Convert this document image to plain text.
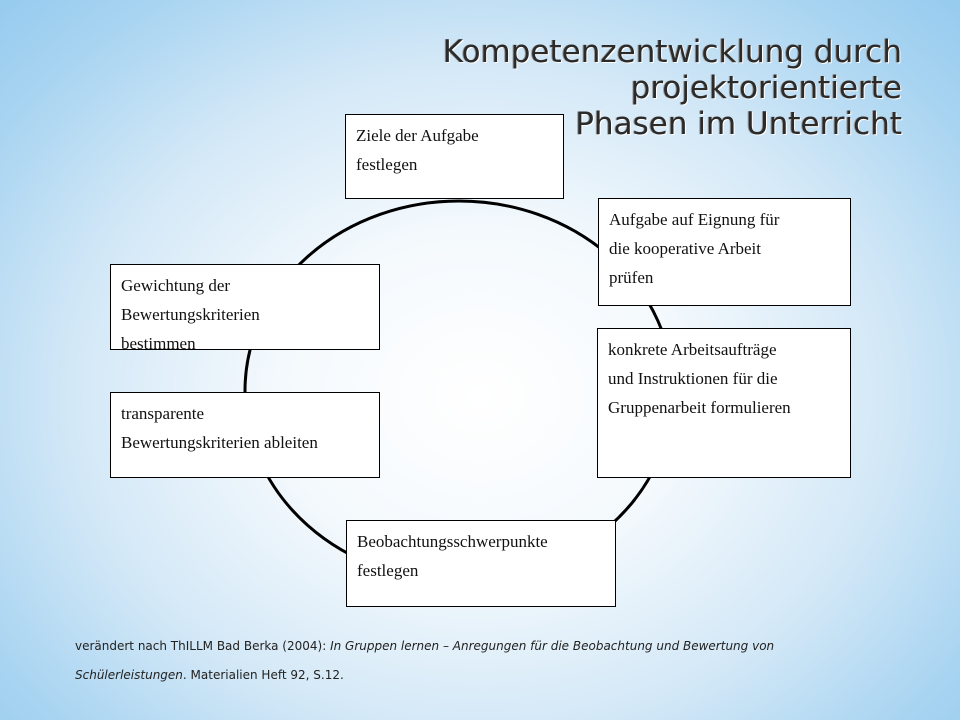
Kompetenzentwicklung durch projektorientierte
Phasen im Unterricht
Ziele der Aufgabe
festlegen
Aufgabe auf Eignung für
die kooperative Arbeit
prüfen
konkrete Arbeitsaufträge
und Instruktionen für die
Gruppenarbeit formulieren
Beobachtungsschwerpunkte
festlegen
transparente
Bewertungskriterien ableiten
Gewichtung der
Bewertungskriterien
bestimmen
verändert nach ThILLM Bad Berka (2004): In Gruppen lernen – Anregungen für die Beobachtung und Bewertung von
Schülerleistungen. Materialien Heft 92, S.12.
